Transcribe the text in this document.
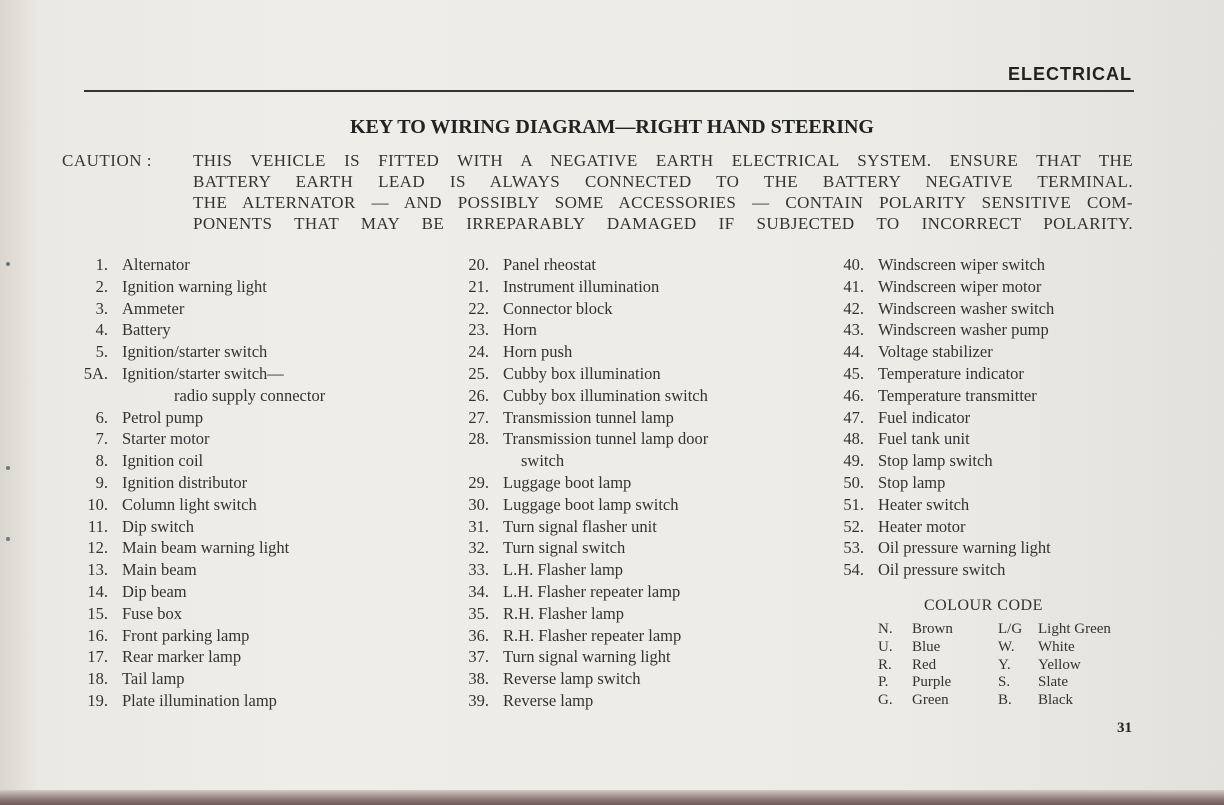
ELECTRICAL
KEY TO WIRING DIAGRAM—RIGHT HAND STEERING
CAUTION : THIS VEHICLE IS FITTED WITH A NEGATIVE EARTH ELECTRICAL SYSTEM. ENSURE THAT THE
BATTERY EARTH LEAD IS ALWAYS CONNECTED TO THE BATTERY NEGATIVE TERMINAL.
THE ALTERNATOR — AND POSSIBLY SOME ACCESSORIES — CONTAIN POLARITY SENSITIVE COM-
PONENTS THAT MAY BE IRREPARABLY DAMAGED IF SUBJECTED TO INCORRECT POLARITY.
1. Alternator
2. Ignition warning light
3. Ammeter
4. Battery
5. Ignition/starter switch
5A. Ignition/starter switch—
radio supply connector
6. Petrol pump
7. Starter motor
8. Ignition coil
9. Ignition distributor
10. Column light switch
11. Dip switch
12. Main beam warning light
13. Main beam
14. Dip beam
15. Fuse box
16. Front parking lamp
17. Rear marker lamp
18. Tail lamp
19. Plate illumination lamp
20. Panel rheostat
21. Instrument illumination
22. Connector block
23. Horn
24. Horn push
25. Cubby box illumination
26. Cubby box illumination switch
27. Transmission tunnel lamp
28. Transmission tunnel lamp door
switch
29. Luggage boot lamp
30. Luggage boot lamp switch
31. Turn signal flasher unit
32. Turn signal switch
33. L.H. Flasher lamp
34. L.H. Flasher repeater lamp
35. R.H. Flasher lamp
36. R.H. Flasher repeater lamp
37. Turn signal warning light
38. Reverse lamp switch
39. Reverse lamp
40. Windscreen wiper switch
41. Windscreen wiper motor
42. Windscreen washer switch
43. Windscreen washer pump
44. Voltage stabilizer
45. Temperature indicator
46. Temperature transmitter
47. Fuel indicator
48. Fuel tank unit
49. Stop lamp switch
50. Stop lamp
51. Heater switch
52. Heater motor
53. Oil pressure warning light
54. Oil pressure switch
COLOUR CODE
N.	Brown	L/G	Light Green
U.	Blue	W.	White
R.	Red	Y.	Yellow
P.	Purple	S.	Slate
G.	Green	B.	Black
31
